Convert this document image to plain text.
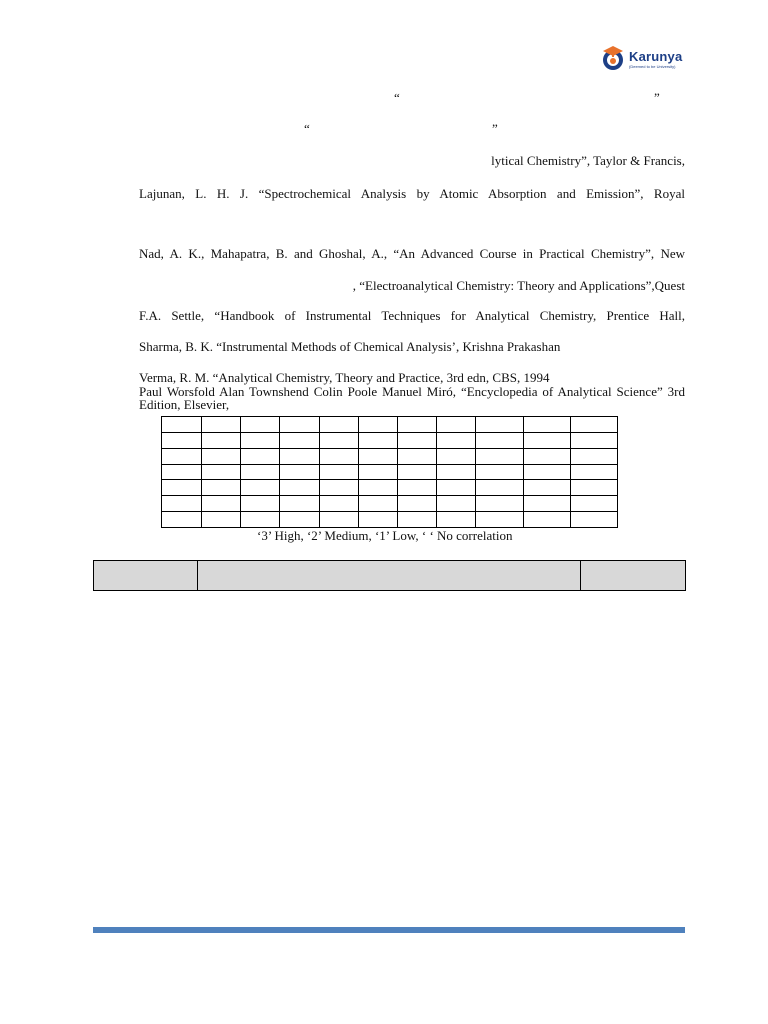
Karunya
(Deemed to be University)
“	”
“	”
lytical Chemistry”, Taylor & Francis,
Lajunan, L. H. J. “Spectrochemical Analysis by Atomic Absorption and Emission”, Royal
Nad, A. K., Mahapatra, B. and Ghoshal, A., “An Advanced Course in Practical Chemistry”, New
, “Electroanalytical Chemistry: Theory and Applications”,Quest
F.A. Settle, “Handbook of Instrumental Techniques for Analytical Chemistry, Prentice Hall,
Sharma, B. K. “Instrumental Methods of Chemical Analysis’, Krishna Prakashan
Verma, R. M. “Analytical Chemistry, Theory and Practice, 3rd edn, CBS, 1994
Paul Worsfold Alan Townshend Colin Poole Manuel Miró, “Encyclopedia of Analytical Science” 3rd Edition, Elsevier,

‘3’ High, ‘2’ Medium, ‘1’ Low, ‘ ‘ No correlation
